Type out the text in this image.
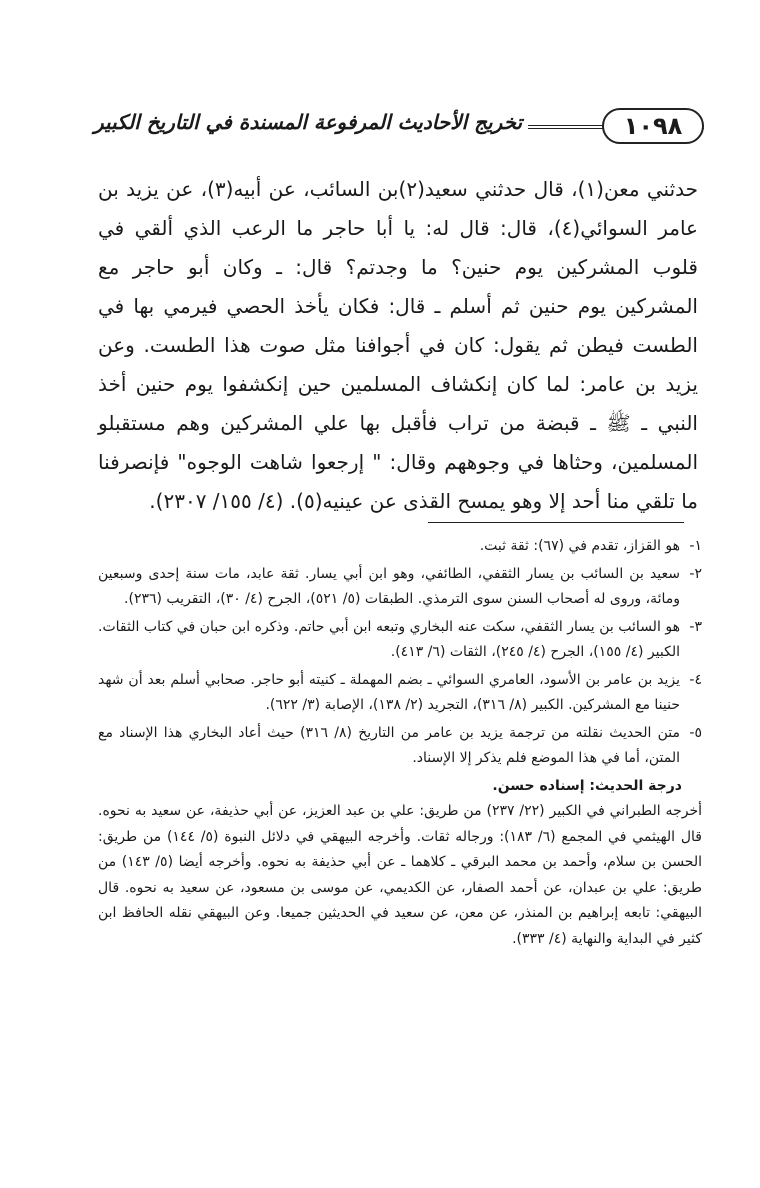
تخريج الأحاديث المرفوعة المسندة في التاريخ الكبير	١٠٩٨

حدثني معن(١)، قال حدثني سعيد(٢)بن السائب، عن أبيه(٣)، عن يزيد بن عامر السوائي(٤)، قال: قال له: يا أبا حاجر ما الرعب الذي ألقي في قلوب المشركين يوم حنين؟ ما وجدتم؟ قال: ـ وكان أبو حاجر مع المشركين يوم حنين ثم أسلم ـ قال: فكان يأخذ الحصي فيرمي بها في الطست فيطن ثم يقول: كان في أجوافنا مثل صوت هذا الطست. وعن يزيد بن عامر: لما كان إنكشاف المسلمين حين إنكشفوا يوم حنين أخذ النبي ـ ﷺ ـ قبضة من تراب فأقبل بها علي المشركين وهم مستقبلو المسلمين، وحثاها في وجوههم وقال: " إرجعوا شاهت الوجوه" فإنصرفنا ما تلقي منا أحد إلا وهو يمسح القذى عن عينيه(٥). (٤/ ١٥٥/ ٢٣٠٧).

١-
هو القزاز، تقدم في (٦٧): ثقة ثبت.
٢-
سعيد بن السائب بن يسار الثقفي، الطائفي، وهو ابن أبي يسار. ثقة عابد، مات سنة إحدى وسبعين ومائة، وروى له أصحاب السنن سوى الترمذي. الطبقات (٥/ ٥٢١)، الجرح (٤/ ٣٠)، التقريب (٢٣٦).
٣-
هو السائب بن يسار الثقفي، سكت عنه البخاري وتبعه ابن أبي حاتم. وذكره ابن حبان في كتاب الثقات. الكبير (٤/ ١٥٥)، الجرح (٤/ ٢٤٥)، الثقات (٦/ ٤١٣).
٤-
يزيد بن عامر بن الأسود، العامري السوائي ـ بضم المهملة ـ كنيته أبو حاجر. صحابي أسلم بعد أن شهد حنينا مع المشركين. الكبير (٨/ ٣١٦)، التجريد (٢/ ١٣٨)، الإصابة (٣/ ٦٢٢).
٥-
متن الحديث نقلته من ترجمة يزيد بن عامر من التاريخ (٨/ ٣١٦) حيث أعاد البخاري هذا الإسناد مع المتن، أما في هذا الموضع فلم يذكر إلا الإسناد.
درجة الحديث: إسناده حسن.

أخرجه الطبراني في الكبير (٢٢/ ٢٣٧) من طريق: علي بن عبد العزيز، عن أبي حذيفة، عن سعيد به نحوه. قال الهيثمي في المجمع (٦/ ١٨٣): ورجاله ثقات. وأخرجه البيهقي في دلائل النبوة (٥/ ١٤٤) من طريق: الحسن بن سلام، وأحمد بن محمد البرقي ـ كلاهما ـ عن أبي حذيفة به نحوه. وأخرجه أيضا (٥/ ١٤٣) من طريق: علي بن عبدان، عن أحمد الصفار، عن الكديمي، عن موسى بن مسعود، عن سعيد به نحوه. قال البيهقي: تابعه إبراهيم بن المنذر، عن معن، عن سعيد في الحديثين جميعا. وعن البيهقي نقله الحافظ ابن كثير في البداية والنهاية (٤/ ٣٣٣).
